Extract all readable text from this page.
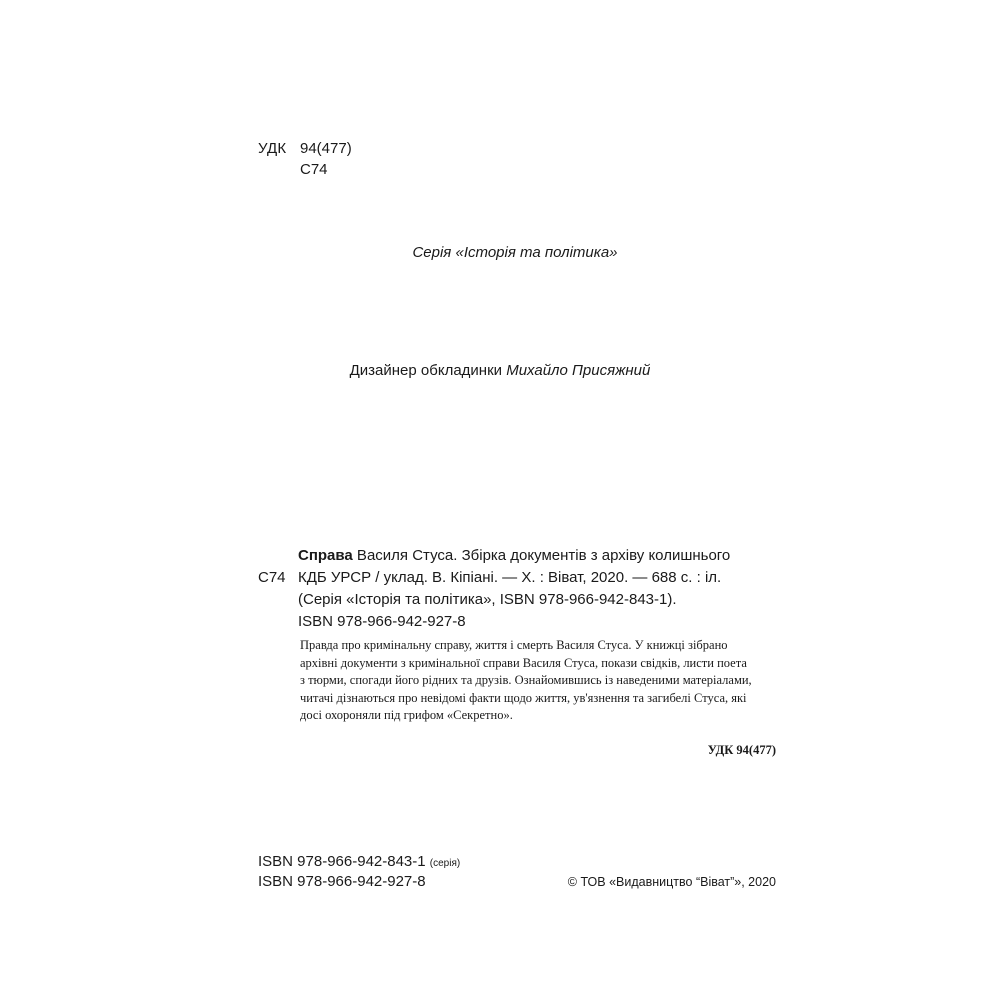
УДК 94(477)
С74
Серія «Історія та політика»
Дизайнер обкладинки Михайло Присяжний
Справа Василя Стуса. Збірка документів з архіву колишнього
С74 КДБ УРСР / уклад. В. Кіпіані. — Х. : Віват, 2020. — 688 с. : іл.
(Серія «Історія та політика», ISBN 978-966-942-843-1).
ISBN 978-966-942-927-8
Правда про кримінальну справу, життя і смерть Василя Стуса. У книжці зібрано
архівні документи з кримінальної справи Василя Стуса, покази свідків, листи поета
з тюрми, спогади його рідних та друзів. Ознайомившись із наведеними матеріалами,
читачі дізнаються про невідомі факти щодо життя, ув'язнення та загибелі Стуса, які
досі охороняли під грифом «Секретно».
УДК 94(477)
ISBN 978-966-942-843-1 (серія)
ISBN 978-966-942-927-8	© ТОВ «Видавництво “Віват”», 2020
